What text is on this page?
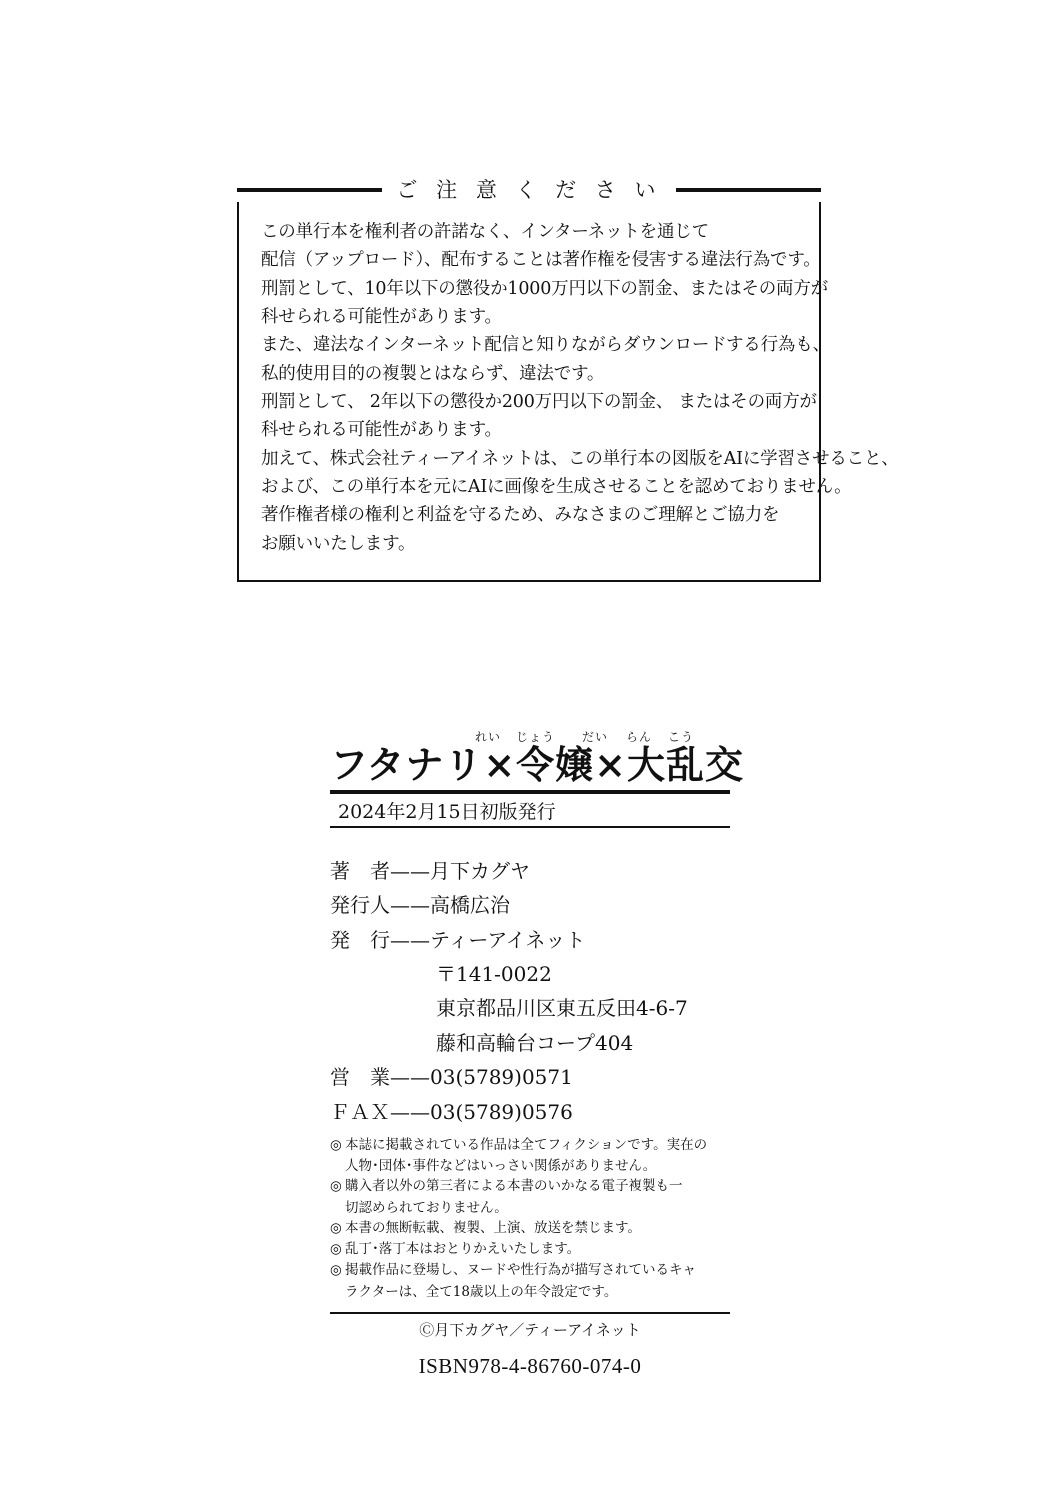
ご 注 意 く だ さ い
この単行本を権利者の許諾なく、インターネットを通じて
配信（アップロード）、配布することは著作権を侵害する違法行為です。
刑罰として、10年以下の懲役か1000万円以下の罰金、またはその両方が
科せられる可能性があります。
また、違法なインターネット配信と知りながらダウンロードする行為も、
私的使用目的の複製とはならず、違法です。
刑罰として、 2年以下の懲役か200万円以下の罰金、 またはその両方が
科せられる可能性があります。
加えて、株式会社ティーアイネットは、この単行本の図版をAIに学習させること、
および、この単行本を元にAIに画像を生成させることを認めておりません。
著作権者様の権利と利益を守るため、みなさまのご理解とご協力を
お願いいたします。
れい じょう だい らん こう
フタナリ×令嬢×大乱交
2024年2月15日初版発行
著　者——月下カグヤ
発行人——高橋広治
発　行——ティーアイネット
〒141-0022
東京都品川区東五反田4-6-7
藤和高輪台コープ404
営　業——03(5789)0571
ＦＡＸ——03(5789)0576
◎ 本誌に掲載されている作品は全てフィクションです。実在の
人物･団体･事件などはいっさい関係がありません。
◎ 購入者以外の第三者による本書のいかなる電子複製も一
切認められておりません。
◎ 本書の無断転載、複製、上演、放送を禁じます。
◎ 乱丁･落丁本はおとりかえいたします。
◎ 掲載作品に登場し、ヌードや性行為が描写されているキャ
ラクターは、全て18歳以上の年令設定です。
Ⓒ月下カグヤ／ティーアイネット
ISBN978-4-86760-074-0
